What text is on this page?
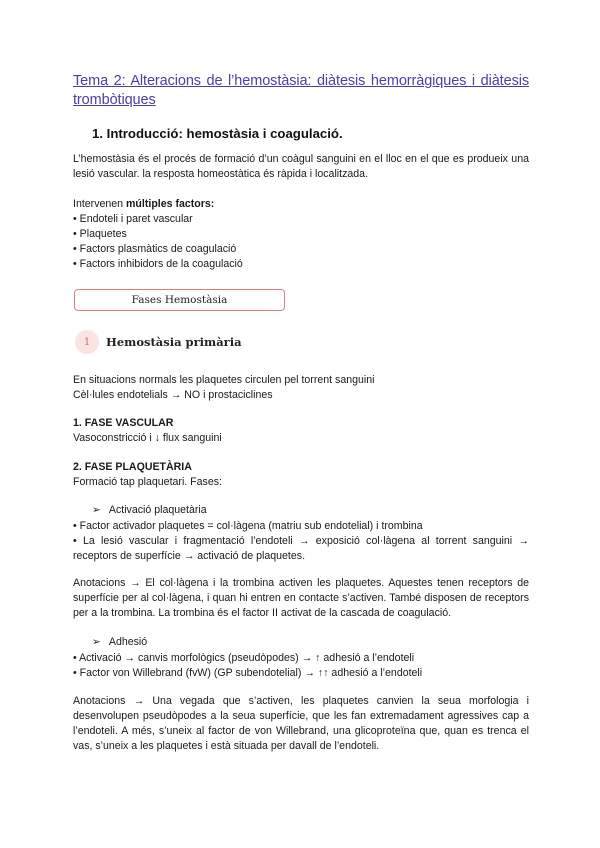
Tema 2: Alteracions de l’hemostàsia: diàtesis hemorràgiques i diàtesis trombòtiques
1. Introducció: hemostàsia i coagulació.
L’hemostàsia és el procés de formació d’un coàgul sanguini en el lloc en el que es produeix una lesió vascular. la resposta homeostàtica és ràpida i localitzada.
Intervenen múltiples factors:
• Endoteli i paret vascular
• Plaquetes
• Factors plasmàtics de coagulació
• Factors inhibidors de la coagulació
Fases Hemostàsia
1	Hemostàsia primària
En situacions normals les plaquetes circulen pel torrent sanguini
Cèl·lules endotelials → NO i prostaciclines
1. FASE VASCULAR
Vasoconstricció i ↓ flux sanguini
2. FASE PLAQUETÀRIA
Formació tap plaquetari. Fases:
➢ Activació plaquetària
• Factor activador plaquetes = col·làgena (matriu sub endotelial) i trombina
• La lesió vascular i fragmentació l’endoteli → exposició col·làgena al torrent sanguini → receptors de superfície → activació de plaquetes.
Anotacions → El col·làgena i la trombina activen les plaquetes. Aquestes tenen receptors de superfície per al col·làgena, i quan hi entren en contacte s’activen. També disposen de receptors per a la trombina. La trombina és el factor II activat de la cascada de coagulació.
➢ Adhesió
• Activació → canvis morfològics (pseudòpodes) → ↑ adhesió a l’endoteli
• Factor von Willebrand (fvW) (GP subendotelial) → ↑↑ adhesió a l’endoteli
Anotacions → Una vegada que s’activen, les plaquetes canvien la seua morfologia i desenvolupen pseudòpodes a la seua superfície, que les fan extremadament agressives cap a l’endoteli. A més, s’uneix al factor de von Willebrand, una glicoproteïna que, quan es trenca el vas, s’uneix a les plaquetes i està situada per davall de l’endoteli.
